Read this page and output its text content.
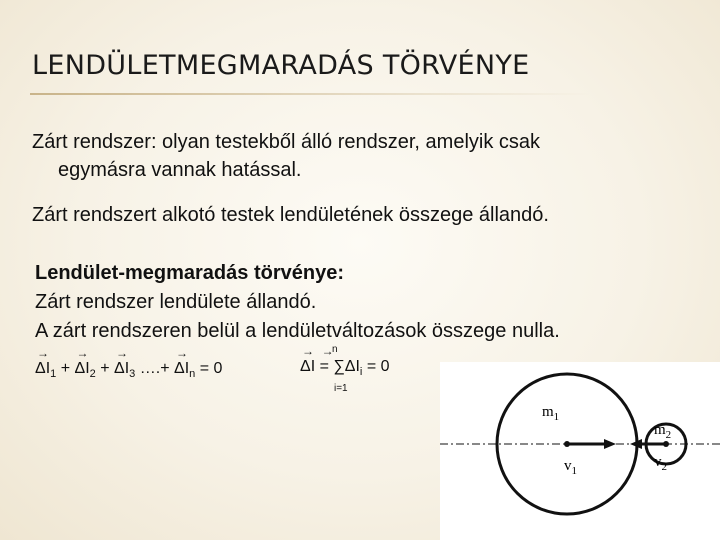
LENDÜLETMEGMARADÁS TÖRVÉNYE
Zárt rendszer: olyan testekből álló rendszer, amelyik csak
egymásra vannak hatással.
Zárt rendszert alkotó testek lendületének összege állandó.
Lendület-megmaradás törvénye:
Zárt rendszer lendülete állandó.
A zárt rendszeren belül a lendületváltozások összege nulla.
→ $\Delta I_1$ + → $\Delta I_2$ + → $\Delta I_3$ ….+ → $\Delta I_n = 0$	→ ΔI → = $\sum\Delta I_i = 0$
n
i=1
$m_1$
$v_1$
$m_2$
$v_2$
